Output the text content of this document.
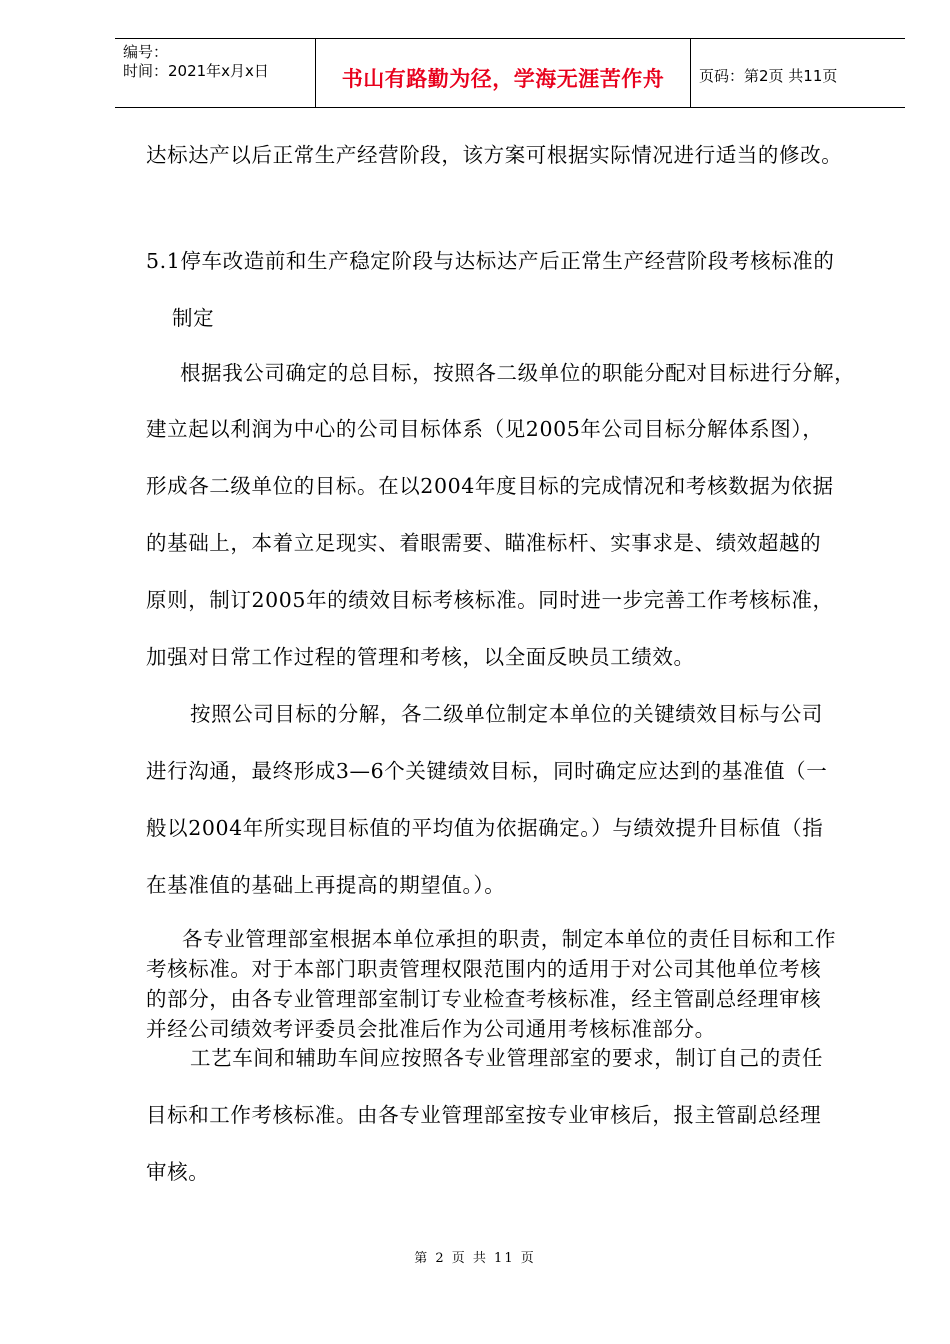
编号：
时间：2021年x月x日	书山有路勤为径，学海无涯苦作舟	页码：第2页 共11页
达标达产以后正常生产经营阶段，该方案可根据实际情况进行适当的修改。
5.1停车改造前和生产稳定阶段与达标达产后正常生产经营阶段考核标准的
制定
根据我公司确定的总目标，按照各二级单位的职能分配对目标进行分解，
建立起以利润为中心的公司目标体系（见2005年公司目标分解体系图），
形成各二级单位的目标。在以2004年度目标的完成情况和考核数据为依据
的基础上，本着立足现实、着眼需要、瞄准标杆、实事求是、绩效超越的
原则，制订2005年的绩效目标考核标准。同时进一步完善工作考核标准，
加强对日常工作过程的管理和考核，以全面反映员工绩效。
按照公司目标的分解，各二级单位制定本单位的关键绩效目标与公司
进行沟通，最终形成3—6个关键绩效目标，同时确定应达到的基准值（一
般以2004年所实现目标值的平均值为依据确定。）与绩效提升目标值（指
在基准值的基础上再提高的期望值。）。
各专业管理部室根据本单位承担的职责，制定本单位的责任目标和工作
考核标准。对于本部门职责管理权限范围内的适用于对公司其他单位考核
的部分，由各专业管理部室制订专业检查考核标准，经主管副总经理审核
并经公司绩效考评委员会批准后作为公司通用考核标准部分。
工艺车间和辅助车间应按照各专业管理部室的要求，制订自己的责任
目标和工作考核标准。由各专业管理部室按专业审核后，报主管副总经理
审核。
第 2 页 共 11 页
